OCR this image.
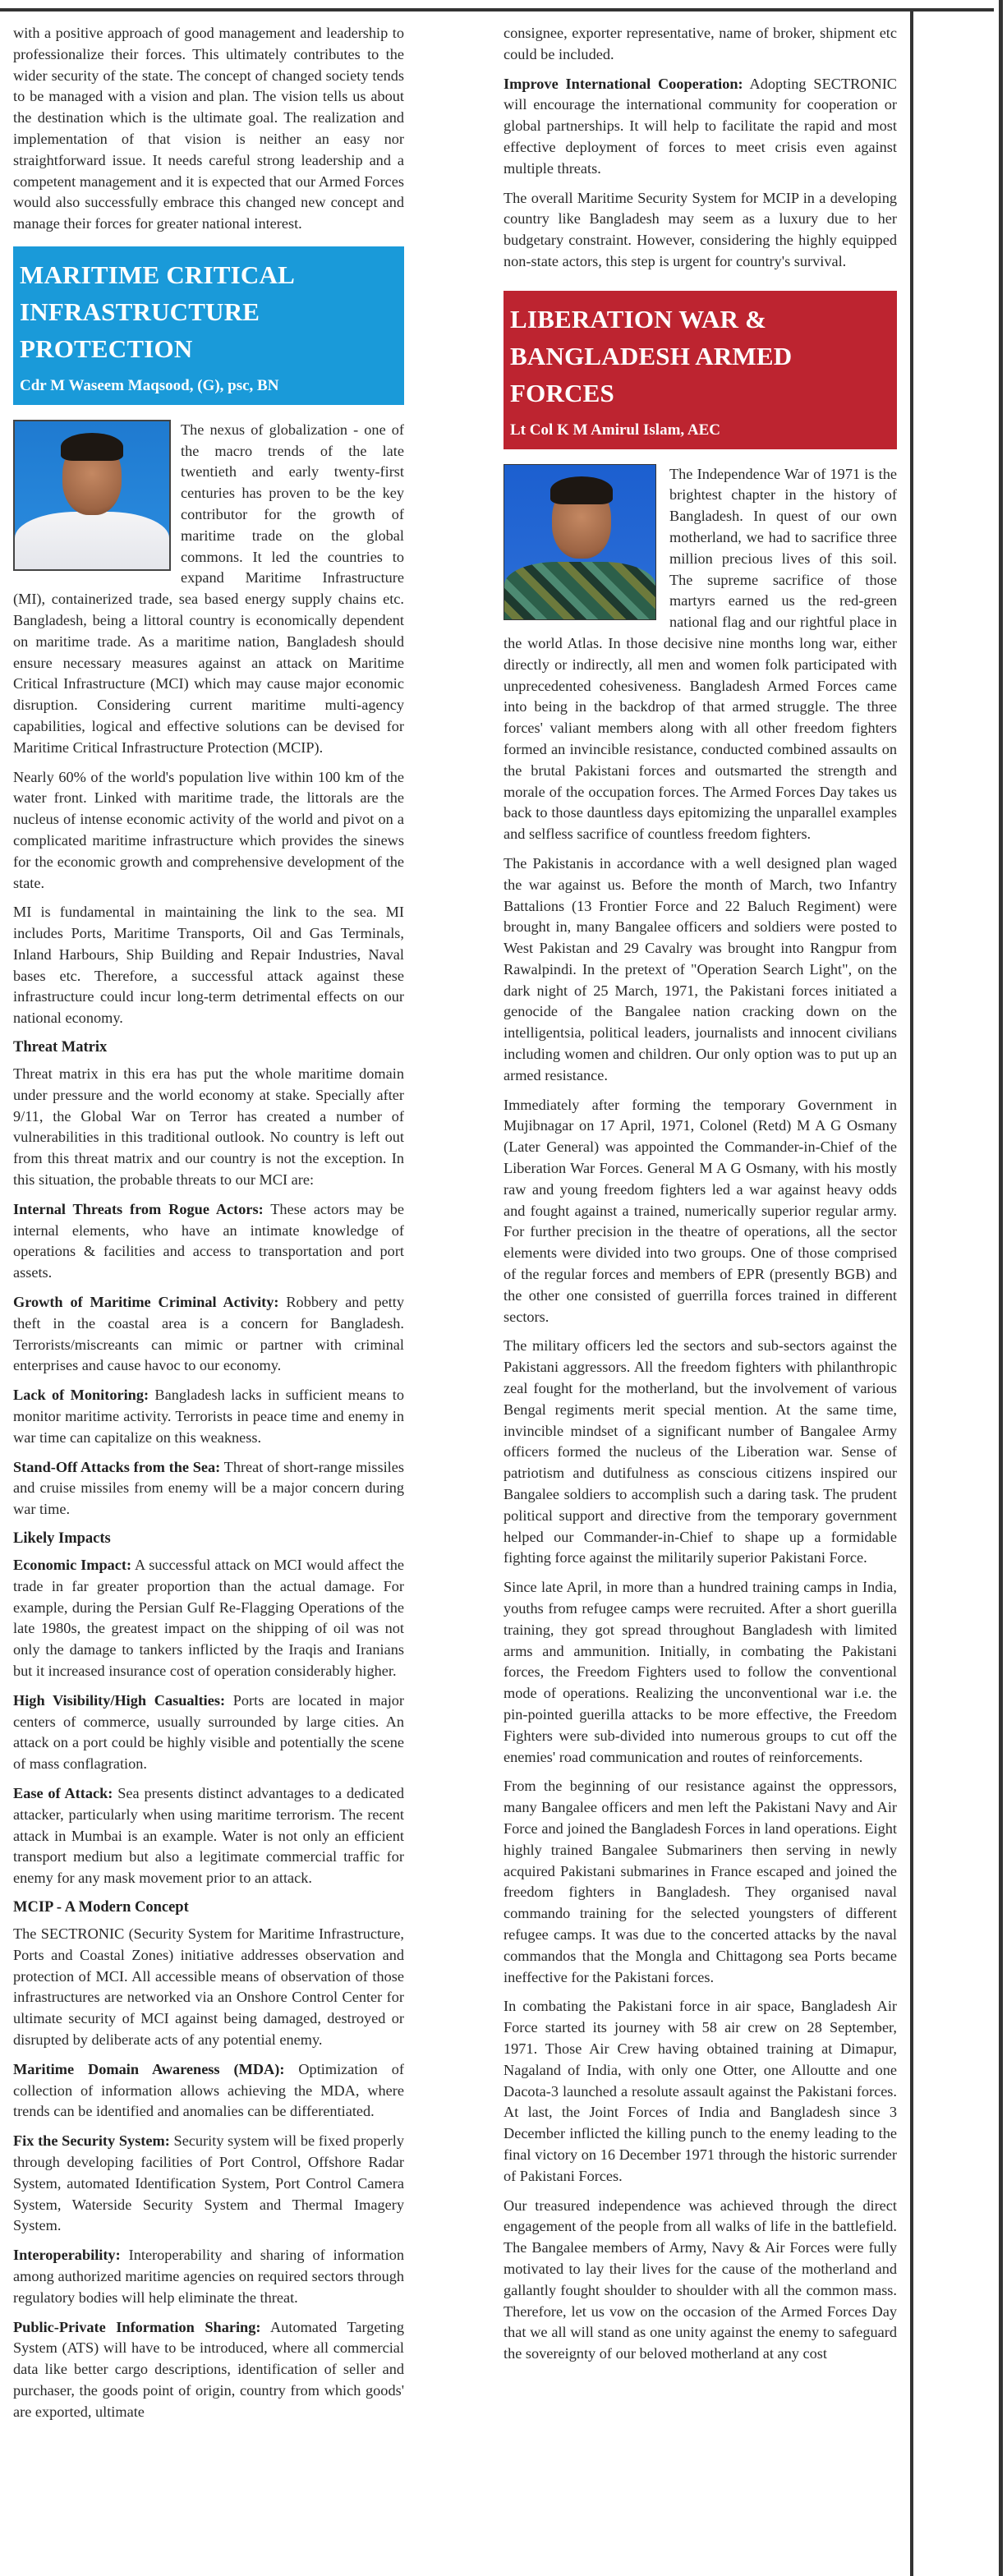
with a positive approach of good management and leadership to professionalize their forces. This ultimately contributes to the wider security of the state. The concept of changed society tends to be managed with a vision and plan. The vision tells us about the destination which is the ultimate goal. The realization and implementation of that vision is neither an easy nor straightforward issue. It needs careful strong leadership and a competent management and it is expected that our Armed Forces would also successfully embrace this changed new concept and manage their forces for greater national interest.

MARITIME CRITICAL
INFRASTRUCTURE PROTECTION
Cdr M Waseem Maqsood, (G), psc, BN

The nexus of globalization - one of the macro trends of the late twentieth and early twenty-first centuries has proven to be the key contributor for the growth of maritime trade on the global commons. It led the countries to expand Maritime Infrastructure (MI), containerized trade, sea based energy supply chains etc. Bangladesh, being a littoral country is economically dependent on maritime trade. As a maritime nation, Bangladesh should ensure necessary measures against an attack on Maritime Critical Infrastructure (MCI) which may cause major economic disruption. Considering current maritime multi-agency capabilities, logical and effective solutions can be devised for Maritime Critical Infrastructure Protection (MCIP).

Nearly 60% of the world's population live within 100 km of the water front. Linked with maritime trade, the littorals are the nucleus of intense economic activity of the world and pivot on a complicated maritime infrastructure which provides the sinews for the economic growth and comprehensive development of the state.

MI is fundamental in maintaining the link to the sea. MI includes Ports, Maritime Transports, Oil and Gas Terminals, Inland Harbours, Ship Building and Repair Industries, Naval bases etc. Therefore, a successful attack against these infrastructure could incur long-term detrimental effects on our national economy.

Threat Matrix

Threat matrix in this era has put the whole maritime domain under pressure and the world economy at stake. Specially after 9/11, the Global War on Terror has created a number of vulnerabilities in this traditional outlook. No country is left out from this threat matrix and our country is not the exception. In this situation, the probable threats to our MCI are:

Internal Threats from Rogue Actors: These actors may be internal elements, who have an intimate knowledge of operations & facilities and access to transportation and port assets.

Growth of Maritime Criminal Activity: Robbery and petty theft in the coastal area is a concern for Bangladesh. Terrorists/miscreants can mimic or partner with criminal enterprises and cause havoc to our economy.

Lack of Monitoring: Bangladesh lacks in sufficient means to monitor maritime activity. Terrorists in peace time and enemy in war time can capitalize on this weakness.

Stand-Off Attacks from the Sea: Threat of short-range missiles and cruise missiles from enemy will be a major concern during war time.

Likely Impacts

Economic Impact: A successful attack on MCI would affect the trade in far greater proportion than the actual damage. For example, during the Persian Gulf Re-Flagging Operations of the late 1980s, the greatest impact on the shipping of oil was not only the damage to tankers inflicted by the Iraqis and Iranians but it increased insurance cost of operation considerably higher.

High Visibility/High Casualties: Ports are located in major centers of commerce, usually surrounded by large cities. An attack on a port could be highly visible and potentially the scene of mass conflagration.

Ease of Attack: Sea presents distinct advantages to a dedicated attacker, particularly when using maritime terrorism. The recent attack in Mumbai is an example. Water is not only an efficient transport medium but also a legitimate commercial traffic for enemy for any mask movement prior to an attack.

MCIP - A Modern Concept

The SECTRONIC (Security System for Maritime Infrastructure, Ports and Coastal Zones) initiative addresses observation and protection of MCI. All accessible means of observation of those infrastructures are networked via an Onshore Control Center for ultimate security of MCI against being damaged, destroyed or disrupted by deliberate acts of any potential enemy.

Maritime Domain Awareness (MDA): Optimization of collection of information allows achieving the MDA, where trends can be identified and anomalies can be differentiated.

Fix the Security System: Security system will be fixed properly through developing facilities of Port Control, Offshore Radar System, automated Identification System, Port Control Camera System, Waterside Security System and Thermal Imagery System.

Interoperability: Interoperability and sharing of information among authorized maritime agencies on required sectors through regulatory bodies will help eliminate the threat.

Public-Private Information Sharing: Automated Targeting System (ATS) will have to be introduced, where all commercial data like better cargo descriptions, identification of seller and purchaser, the goods point of origin, country from which goods' are exported, ultimate

consignee, exporter representative, name of broker, shipment etc could be included.

Improve International Cooperation: Adopting SECTRONIC will encourage the international community for cooperation or global partnerships. It will help to facilitate the rapid and most effective deployment of forces to meet crisis even against multiple threats.

The overall Maritime Security System for MCIP in a developing country like Bangladesh may seem as a luxury due to her budgetary constraint. However, considering the highly equipped non-state actors, this step is urgent for country's survival.

LIBERATION WAR &
BANGLADESH ARMED FORCES
Lt Col K M Amirul Islam, AEC

The Independence War of 1971 is the brightest chapter in the history of Bangladesh. In quest of our own motherland, we had to sacrifice three million precious lives of this soil. The supreme sacrifice of those martyrs earned us the red-green national flag and our rightful place in the world Atlas. In those decisive nine months long war, either directly or indirectly, all men and women folk participated with unprecedented cohesiveness. Bangladesh Armed Forces came into being in the backdrop of that armed struggle. The three forces' valiant members along with all other freedom fighters formed an invincible resistance, conducted combined assaults on the brutal Pakistani forces and outsmarted the strength and morale of the occupation forces. The Armed Forces Day takes us back to those dauntless days epitomizing the unparallel examples and selfless sacrifice of countless freedom fighters.

The Pakistanis in accordance with a well designed plan waged the war against us. Before the month of March, two Infantry Battalions (13 Frontier Force and 22 Baluch Regiment) were brought in, many Bangalee officers and soldiers were posted to West Pakistan and 29 Cavalry was brought into Rangpur from Rawalpindi. In the pretext of "Operation Search Light", on the dark night of 25 March, 1971, the Pakistani forces initiated a genocide of the Bangalee nation cracking down on the intelligentsia, political leaders, journalists and innocent civilians including women and children. Our only option was to put up an armed resistance.

Immediately after forming the temporary Government in Mujibnagar on 17 April, 1971, Colonel (Retd) M A G Osmany (Later General) was appointed the Commander-in-Chief of the Liberation War Forces. General M A G Osmany, with his mostly raw and young freedom fighters led a war against heavy odds and fought against a trained, numerically superior regular army. For further precision in the theatre of operations, all the sector elements were divided into two groups. One of those comprised of the regular forces and members of EPR (presently BGB) and the other one consisted of guerrilla forces trained in different sectors.

The military officers led the sectors and sub-sectors against the Pakistani aggressors. All the freedom fighters with philanthropic zeal fought for the motherland, but the involvement of various Bengal regiments merit special mention. At the same time, invincible mindset of a significant number of Bangalee Army officers formed the nucleus of the Liberation war. Sense of patriotism and dutifulness as conscious citizens inspired our Bangalee soldiers to accomplish such a daring task. The prudent political support and directive from the temporary government helped our Commander-in-Chief to shape up a formidable fighting force against the militarily superior Pakistani Force.

Since late April, in more than a hundred training camps in India, youths from refugee camps were recruited. After a short guerilla training, they got spread throughout Bangladesh with limited arms and ammunition. Initially, in combating the Pakistani forces, the Freedom Fighters used to follow the conventional mode of operations. Realizing the unconventional war i.e. the pin-pointed guerilla attacks to be more effective, the Freedom Fighters were sub-divided into numerous groups to cut off the enemies' road communication and routes of reinforcements.

From the beginning of our resistance against the oppressors, many Bangalee officers and men left the Pakistani Navy and Air Force and joined the Bangladesh Forces in land operations. Eight highly trained Bangalee Submariners then serving in newly acquired Pakistani submarines in France escaped and joined the freedom fighters in Bangladesh. They organised naval commando training for the selected youngsters of different refugee camps. It was due to the concerted attacks by the naval commandos that the Mongla and Chittagong sea Ports became ineffective for the Pakistani forces.

In combating the Pakistani force in air space, Bangladesh Air Force started its journey with 58 air crew on 28 September, 1971. Those Air Crew having obtained training at Dimapur, Nagaland of India, with only one Otter, one Alloutte and one Dacota-3 launched a resolute assault against the Pakistani forces. At last, the Joint Forces of India and Bangladesh since 3 December inflicted the killing punch to the enemy leading to the final victory on 16 December 1971 through the historic surrender of Pakistani Forces.

Our treasured independence was achieved through the direct engagement of the people from all walks of life in the battlefield. The Bangalee members of Army, Navy & Air Forces were fully motivated to lay their lives for the cause of the motherland and gallantly fought shoulder to shoulder with all the common mass. Therefore, let us vow on the occasion of the Armed Forces Day that we all will stand as one unity against the enemy to safeguard the sovereignty of our beloved motherland at any cost
